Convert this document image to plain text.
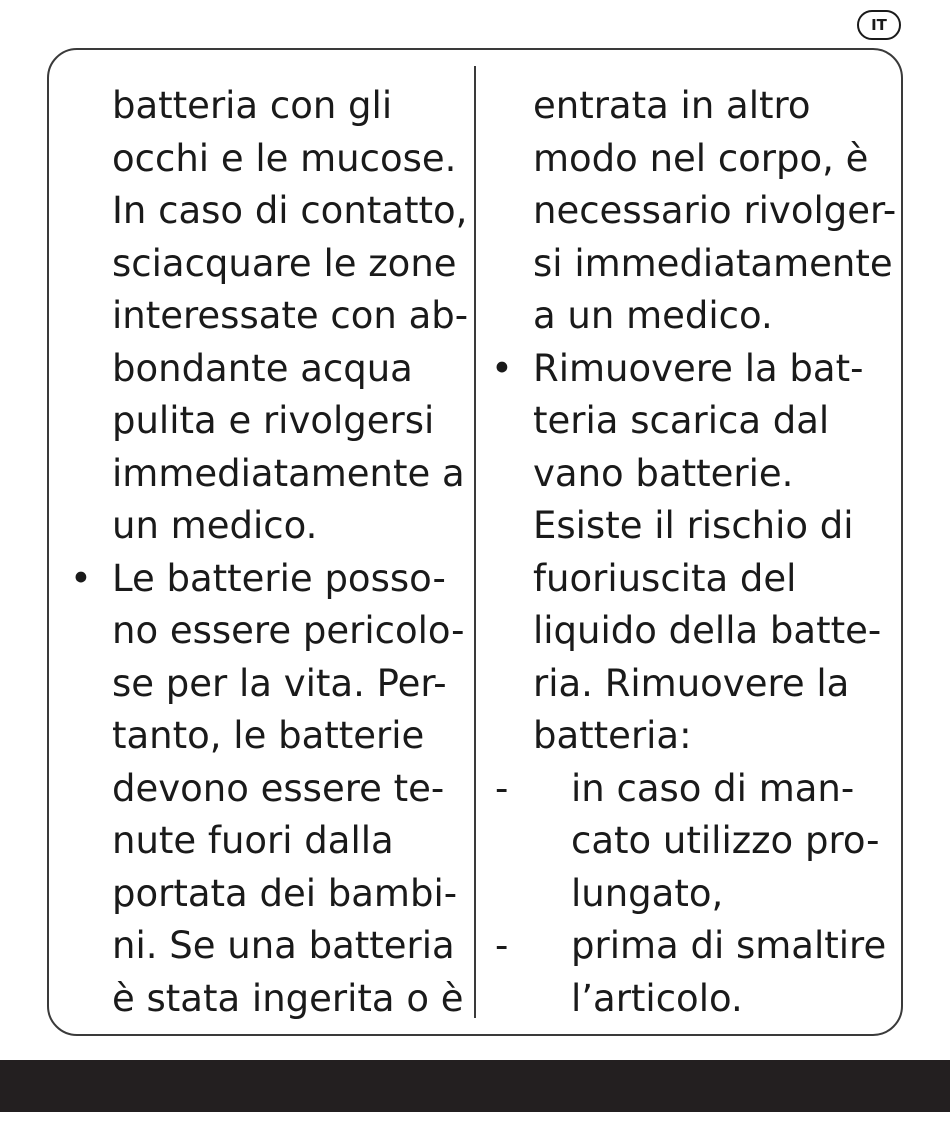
IT
batteria con gli
occhi e le mucose.
In caso di contatto,
sciacquare le zone
interessate con ab-
bondante acqua
pulita e rivolgersi
immediatamente a
un medico.
• Le batterie posso-
no essere pericolo-
se per la vita. Per-
tanto, le batterie
devono essere te-
nute fuori dalla
portata dei bambi-
ni. Se una batteria
è stata ingerita o è
entrata in altro
modo nel corpo, è
necessario rivolger-
si immediatamente
a un medico.
• Rimuovere la bat-
teria scarica dal
vano batterie.
Esiste il rischio di
fuoriuscita del
liquido della batte-
ria. Rimuovere la
batteria:
- in caso di man-
cato utilizzo pro-
lungato,
- prima di smaltire
l’articolo.
